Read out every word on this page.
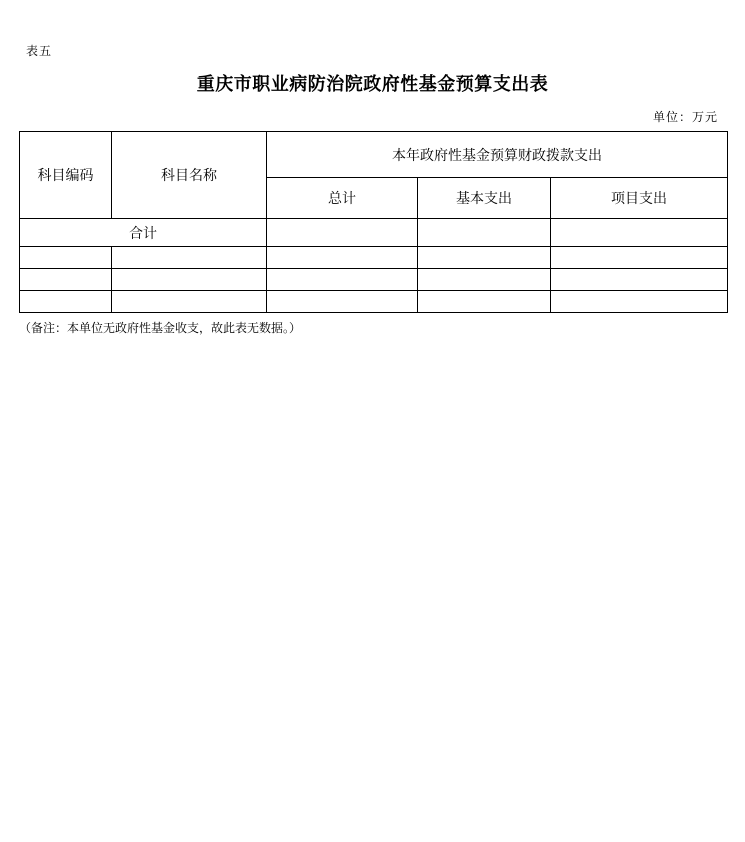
表五
重庆市职业病防治院政府性基金预算支出表
单位：万元
科目编码	科目名称	本年政府性基金预算财政拨款支出		
		总计	基本支出	项目支出
合计				

（备注：本单位无政府性基金收支，故此表无数据。）
